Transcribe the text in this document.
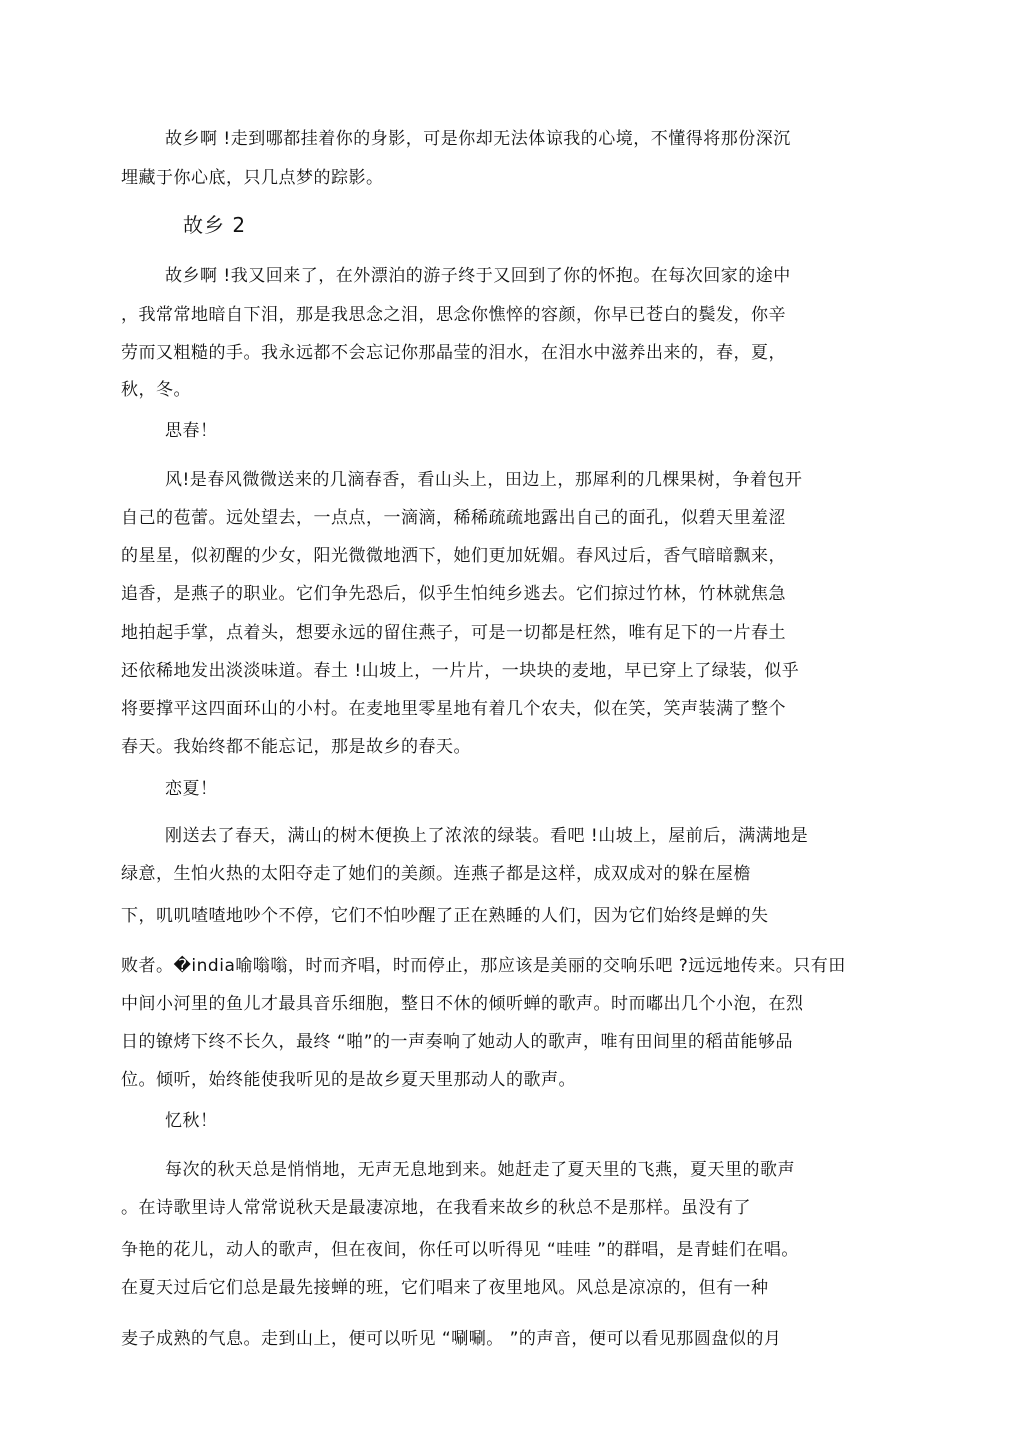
故乡啊 !走到哪都挂着你的身影，可是你却无法体谅我的心境，不懂得将那份深沉
埋藏于你心底，只几点梦的踪影。
故乡 2
故乡啊 !我又回来了，在外漂泊的游子终于又回到了你的怀抱。在每次回家的途中
，我常常地暗自下泪，那是我思念之泪，思念你憔悴的容颜，你早已苍白的鬓发，你辛
劳而又粗糙的手。我永远都不会忘记你那晶莹的泪水，在泪水中滋养出来的，春，夏，
秋，冬。
思春！
风!是春风微微送来的几滴春香，看山头上，田边上，那犀利的几棵果树，争着包开
自己的苞蕾。远处望去，一点点，一滴滴，稀稀疏疏地露出自己的面孔，似碧天里羞涩
的星星，似初醒的少女，阳光微微地洒下，她们更加妩媚。春风过后，香气暗暗飘来，
追香，是燕子的职业。它们争先恐后，似乎生怕纯乡逃去。它们掠过竹林，竹林就焦急
地拍起手掌，点着头，想要永远的留住燕子，可是一切都是枉然，唯有足下的一片春土
还依稀地发出淡淡味道。春土 !山坡上，一片片，一块块的麦地，早已穿上了绿装，似乎
将要撑平这四面环山的小村。在麦地里零星地有着几个农夫，似在笑，笑声装满了整个
春天。我始终都不能忘记，那是故乡的春天。
恋夏！
刚送去了春天，满山的树木便换上了浓浓的绿装。看吧 !山坡上，屋前后，满满地是
绿意，生怕火热的太阳夺走了她们的美颜。连燕子都是这样，成双成对的躲在屋檐
下，叽叽喳喳地吵个不停，它们不怕吵醒了正在熟睡的人们，因为它们始终是蝉的失
败者。�india喻嗡嗡，时而齐唱，时而停止，那应该是美丽的交响乐吧 ?远远地传来。只有田
中间小河里的鱼儿才最具音乐细胞，整日不休的倾听蝉的歌声。时而嘟出几个小泡，在烈
日的镣烤下终不长久，最终 “啪”的一声奏响了她动人的歌声，唯有田间里的稻苗能够品
位。倾听，始终能使我听见的是故乡夏天里那动人的歌声。
忆秋！
每次的秋天总是悄悄地，无声无息地到来。她赶走了夏天里的飞燕，夏天里的歌声
。在诗歌里诗人常常说秋天是最凄凉地，在我看来故乡的秋总不是那样。虽没有了
争艳的花儿，动人的歌声，但在夜间，你任可以听得见 “哇哇 ”的群唱，是青蛙们在唱。
在夏天过后它们总是最先接蝉的班，它们唱来了夜里地风。风总是凉凉的，但有一种
麦子成熟的气息。走到山上，便可以听见 “唰唰。 ”的声音，便可以看见那圆盘似的月
